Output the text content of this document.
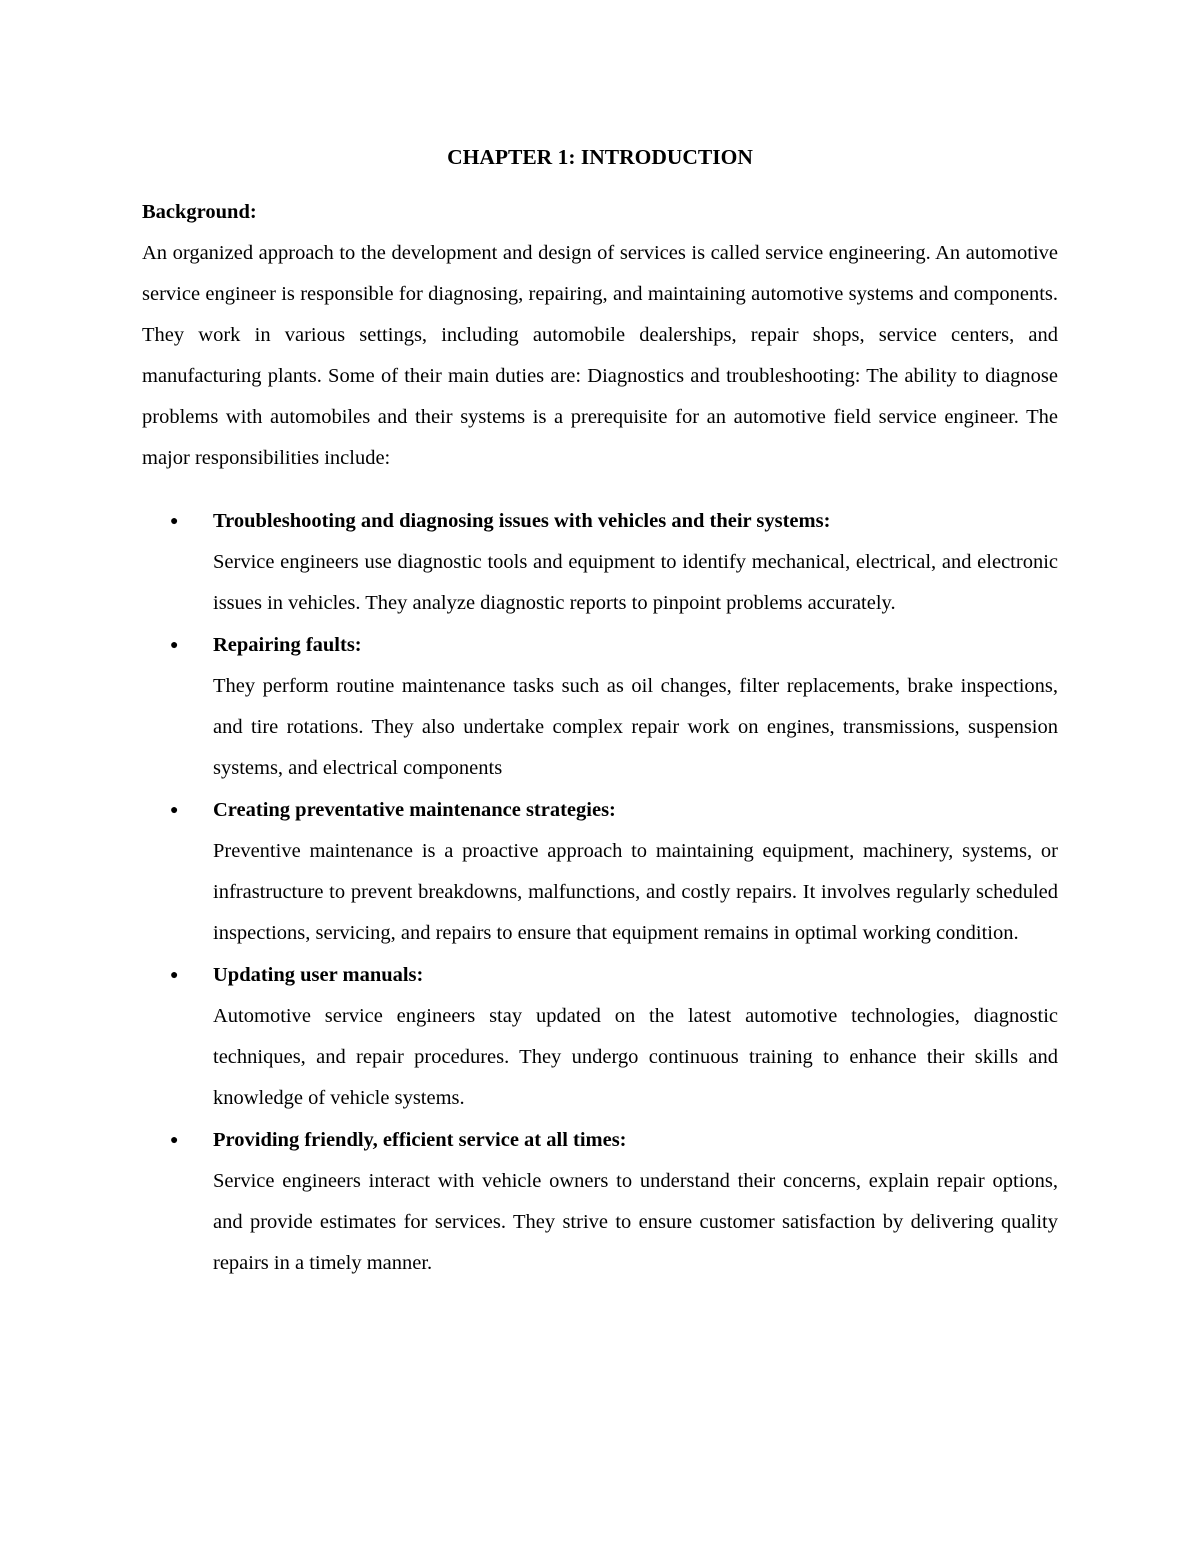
CHAPTER 1: INTRODUCTION
Background:

An organized approach to the development and design of services is called service engineering. An automotive service engineer is responsible for diagnosing, repairing, and maintaining automotive systems and components. They work in various settings, including automobile dealerships, repair shops, service centers, and manufacturing plants. Some of their main duties are: Diagnostics and troubleshooting: The ability to diagnose problems with automobiles and their systems is a prerequisite for an automotive field service engineer. The major responsibilities include:

● Troubleshooting and diagnosing issues with vehicles and their systems:
Service engineers use diagnostic tools and equipment to identify mechanical, electrical, and electronic issues in vehicles. They analyze diagnostic reports to pinpoint problems accurately.
● Repairing faults:
They perform routine maintenance tasks such as oil changes, filter replacements, brake inspections, and tire rotations. They also undertake complex repair work on engines, transmissions, suspension systems, and electrical components
● Creating preventative maintenance strategies:
Preventive maintenance is a proactive approach to maintaining equipment, machinery, systems, or infrastructure to prevent breakdowns, malfunctions, and costly repairs. It involves regularly scheduled inspections, servicing, and repairs to ensure that equipment remains in optimal working condition.
● Updating user manuals:
Automotive service engineers stay updated on the latest automotive technologies, diagnostic techniques, and repair procedures. They undergo continuous training to enhance their skills and knowledge of vehicle systems.
● Providing friendly, efficient service at all times:
Service engineers interact with vehicle owners to understand their concerns, explain repair options, and provide estimates for services. They strive to ensure customer satisfaction by delivering quality repairs in a timely manner.
